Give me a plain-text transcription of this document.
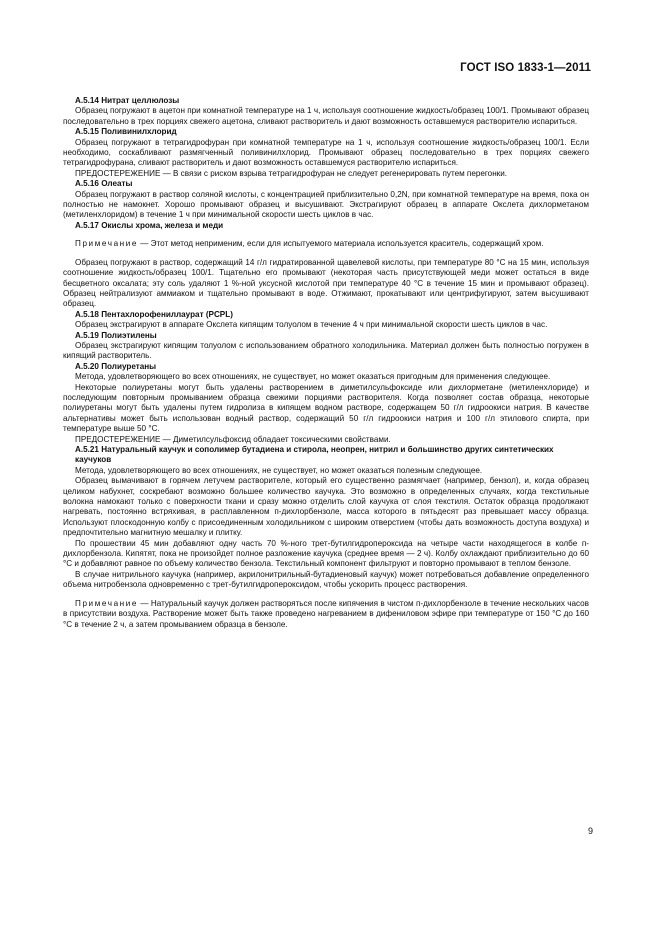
ГОСТ ISO 1833-1—2011
А.5.14 Нитрат целлюлозы

Образец погружают в ацетон при комнатной температуре на 1 ч, используя соотношение жидкость/образец 100/1. Промывают образец последовательно в трех порциях свежего ацетона, сливают растворитель и дают возможность оставшемуся растворителю испариться.

А.5.15 Поливинилхлорид

Образец погружают в тетрагидрофуран при комнатной температуре на 1 ч, используя соотношение жидкость/образец 100/1. Если необходимо, соскабливают размягченный поливинилхлорид. Промывают образец последовательно в трех порциях свежего тетрагидрофурана, сливают растворитель и дают возможность оставшемуся растворителю испариться.

ПРЕДОСТЕРЕЖЕНИЕ — В связи с риском взрыва тетрагидрофуран не следует регенерировать путем перегонки.

А.5.16 Олеаты

Образец погружают в раствор соляной кислоты, с концентрацией приблизительно 0,2N, при комнатной температуре на время, пока он полностью не намокнет. Хорошо промывают образец и высушивают. Экстрагируют образец в аппарате Окслета дихлорметаном (метиленхлоридом) в течение 1 ч при минимальной скорости шесть циклов в час.

А.5.17 Окислы хрома, железа и меди

Примечание — Этот метод неприменим, если для испытуемого материала используется краситель, содержащий хром.

Образец погружают в раствор, содержащий 14 г/л гидратированной щавелевой кислоты, при температуре 80 °С на 15 мин, используя соотношение жидкость/образец 100/1. Тщательно его промывают (некоторая часть присутствующей меди может остаться в виде бесцветного оксалата; эту соль удаляют 1 %-ной уксусной кислотой при температуре 40 °С в течение 15 мин и промывают образец). Образец нейтрализуют аммиаком и тщательно промывают в воде. Отжимают, прокатывают или центрифугируют, затем высушивают образец.

А.5.18 Пентахлорофениллаурат (PCPL)

Образец экстрагируют в аппарате Окслета кипящим толуолом в течение 4 ч при минимальной скорости шесть циклов в час.

А.5.19 Полиэтилены

Образец экстрагируют кипящим толуолом с использованием обратного холодильника. Материал должен быть полностью погружен в кипящий растворитель.

А.5.20 Полиуретаны

Метода, удовлетворяющего во всех отношениях, не существует, но может оказаться пригодным для применения следующее.

Некоторые полиуретаны могут быть удалены растворением в диметилсульфоксиде или дихлорметане (метиленхлориде) и последующим повторным промыванием образца свежими порциями растворителя. Когда позволяет состав образца, некоторые полиуретаны могут быть удалены путем гидролиза в кипящем водном растворе, содержащем 50 г/л гидроокиси натрия. В качестве альтернативы может быть использован водный раствор, содержащий 50 г/л гидроокиси натрия и 100 г/л этилового спирта, при температуре выше 50 °С.

ПРЕДОСТЕРЕЖЕНИЕ — Диметилсульфоксид обладает токсическими свойствами.

А.5.21 Натуральный каучук и сополимер бутадиена и стирола, неопрен, нитрил и большинство других синтетических каучуков

Метода, удовлетворяющего во всех отношениях, не существует, но может оказаться полезным следующее.

Образец вымачивают в горячем летучем растворителе, который его существенно размягчает (например, бензол), и, когда образец целиком набухнет, соскребают возможно большее количество каучука. Это возможно в определенных случаях, когда текстильные волокна намокают только с поверхности ткани и сразу можно отделить слой каучука от слоя текстиля. Остаток образца продолжают нагревать, постоянно встряхивая, в расплавленном п-дихлорбензоле, масса которого в пятьдесят раз превышает массу образца. Используют плоскодонную колбу с присоединенным холодильником с широким отверстием (чтобы дать возможность доступа воздуха) и предпочтительно магнитную мешалку и плитку.

По прошествии 45 мин добавляют одну часть 70 %-ного трет-бутилгидропероксида на четыре части находящегося в колбе п-дихлорбензола. Кипятят, пока не произойдет полное разложение каучука (среднее время — 2 ч). Колбу охлаждают приблизительно до 60 °С и добавляют равное по объему количество бензола. Текстильный компонент фильтруют и повторно промывают в теплом бензоле.

В случае нитрильного каучука (например, акрилонитрильный-бутадиеновый каучук) может потребоваться добавление определенного объема нитробензола одновременно с трет-бутилгидропероксидом, чтобы ускорить процесс растворения.

Примечание — Натуральный каучук должен растворяться после кипячения в чистом п-дихлорбензоле в течение нескольких часов в присутствии воздуха. Растворение может быть также проведено нагреванием в дифениловом эфире при температуре от 150 °С до 160 °С в течение 2 ч, а затем промыванием образца в бензоле.

9
